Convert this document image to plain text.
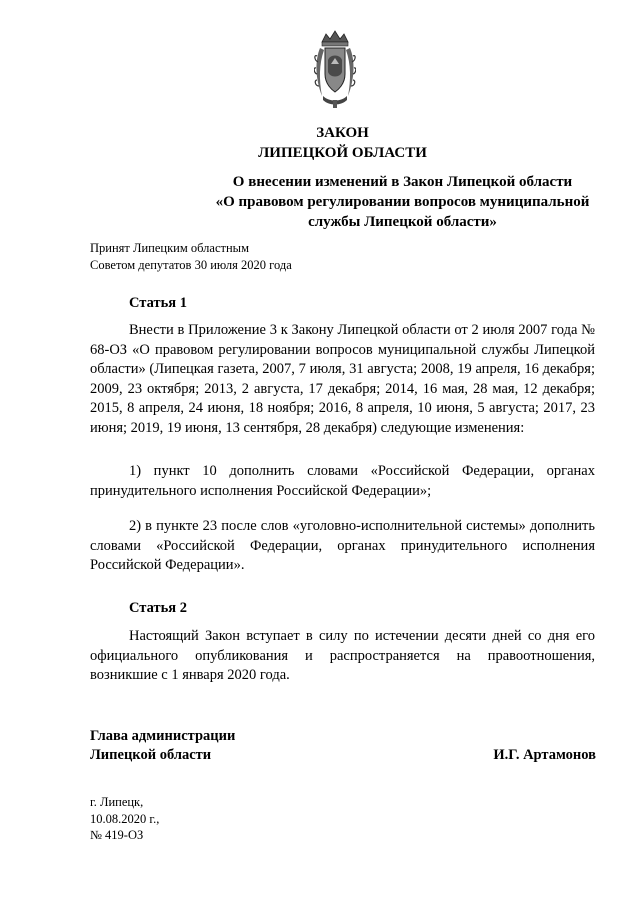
ЗАКОН
ЛИПЕЦКОЙ ОБЛАСТИ
О внесении изменений в Закон Липецкой области
«О правовом регулировании вопросов муниципальной
службы Липецкой области»
Принят Липецким областным
Советом депутатов 30 июля 2020 года
Статья 1

Внести в Приложение 3 к Закону Липецкой области от 2 июля 2007 года № 68-ОЗ «О правовом регулировании вопросов муниципальной службы Липецкой области» (Липецкая газета, 2007, 7 июля, 31 августа; 2008, 19 апреля, 16 декабря; 2009, 23 октября; 2013, 2 августа, 17 декабря; 2014, 16 мая, 28 мая, 12 декабря; 2015, 8 апреля, 24 июня, 18 ноября; 2016, 8 апреля, 10 июня, 5 августа; 2017, 23 июня; 2019, 19 июня, 13 сентября, 28 декабря) следующие изменения:

1) пункт 10 дополнить словами «Российской Федерации, органах принудительного исполнения Российской Федерации»;

2) в пункте 23 после слов «уголовно-исполнительной системы» дополнить словами «Российской Федерации, органах принудительного исполнения Российской Федерации».

Статья 2

Настоящий Закон вступает в силу по истечении десяти дней со дня его официального опубликования и распространяется на правоотношения, возникшие с 1 января 2020 года.

Глава администрации
Липецкой области	И.Г. Артамонов
г. Липецк,
10.08.2020 г.,
№ 419-ОЗ
